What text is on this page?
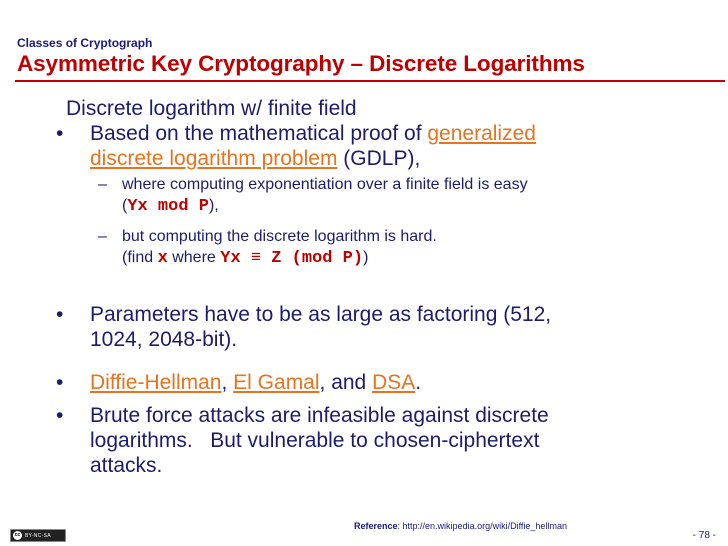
Classes of Cryptograph
Asymmetric Key Cryptography – Discrete Logarithms
Discrete logarithm w/ finite field
• Based on the mathematical proof of generalized
discrete logarithm problem (GDLP),
– where computing exponentiation over a finite field is easy
(Yx mod P),
– but computing the discrete logarithm is hard.
(find x where Yx ≡ Z (mod P))
• Parameters have to be as large as factoring (512,
1024, 2048-bit).
• Diffie-Hellman, El Gamal, and DSA.
• Brute force attacks are infeasible against discrete
logarithms.   But vulnerable to chosen-ciphertext
attacks.
Reference: http://en.wikipedia.org/wiki/Diffie_hellman
cc BY-NC-SA	- 78 -
